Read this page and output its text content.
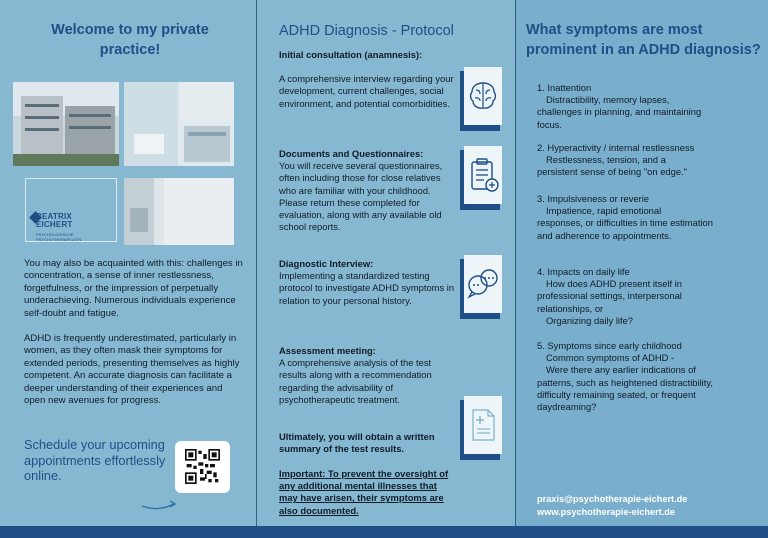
Welcome to my private practice!
BEATRIX
EICHERT
PSYCHOLOGISCHE
PSYCHOTHERAPEUTIN

You may also be acquainted with this: challenges in concentration, a sense of inner restlessness, forgetfulness, or the impression of perpetually underachieving. Numerous individuals experience self-doubt and fatigue.

ADHD is frequently underestimated, particularly in women, as they often mask their symptoms for extended periods, presenting themselves as highly competent. An accurate diagnosis can facilitate a deeper understanding of their experiences and open new avenues for progress.

Schedule your upcoming appointments effortlessly online.

ADHD Diagnosis - Protocol
Initial consultation (anamnesis):
A comprehensive interview regarding your development, current challenges, social environment, and potential comorbidities.
Documents and Questionnaires:
You will receive several questionnaires, often including those for close relatives who are familiar with your childhood. Please return these completed for evaluation, along with any available old school reports.
Diagnostic Interview:
Implementing a standardized testing protocol to investigate ADHD symptoms in relation to your personal history.
Assessment meeting:
A comprehensive analysis of the test results along with a recommendation regarding the advisability of psychotherapeutic treatment.

Ultimately, you will obtain a written summary of the test results.

Important: To prevent the oversight of any additional mental illnesses that may have arisen, their symptoms are also documented.

What symptoms are most prominent in an ADHD diagnosis?
1. Inattention
Distractibility, memory lapses,
challenges in planning, and maintaining focus.
2. Hyperactivity / internal restlessness
Restlessness, tension, and a
persistent sense of being "on edge."
3. Impulsiveness or reverie
Impatience, rapid emotional
responses, or difficulties in time estimation and adherence to appointments.
4. Impacts on daily life
How does ADHD present itself in
professional settings, interpersonal relationships, or
Organizing daily life?
5. Symptoms since early childhood
Common symptoms of ADHD -
Were there any earlier indications of
patterns, such as heightened distractibility, difficulty remaining seated, or frequent daydreaming?
praxis@psychotherapie-eichert.de
www.psychotherapie-eichert.de
